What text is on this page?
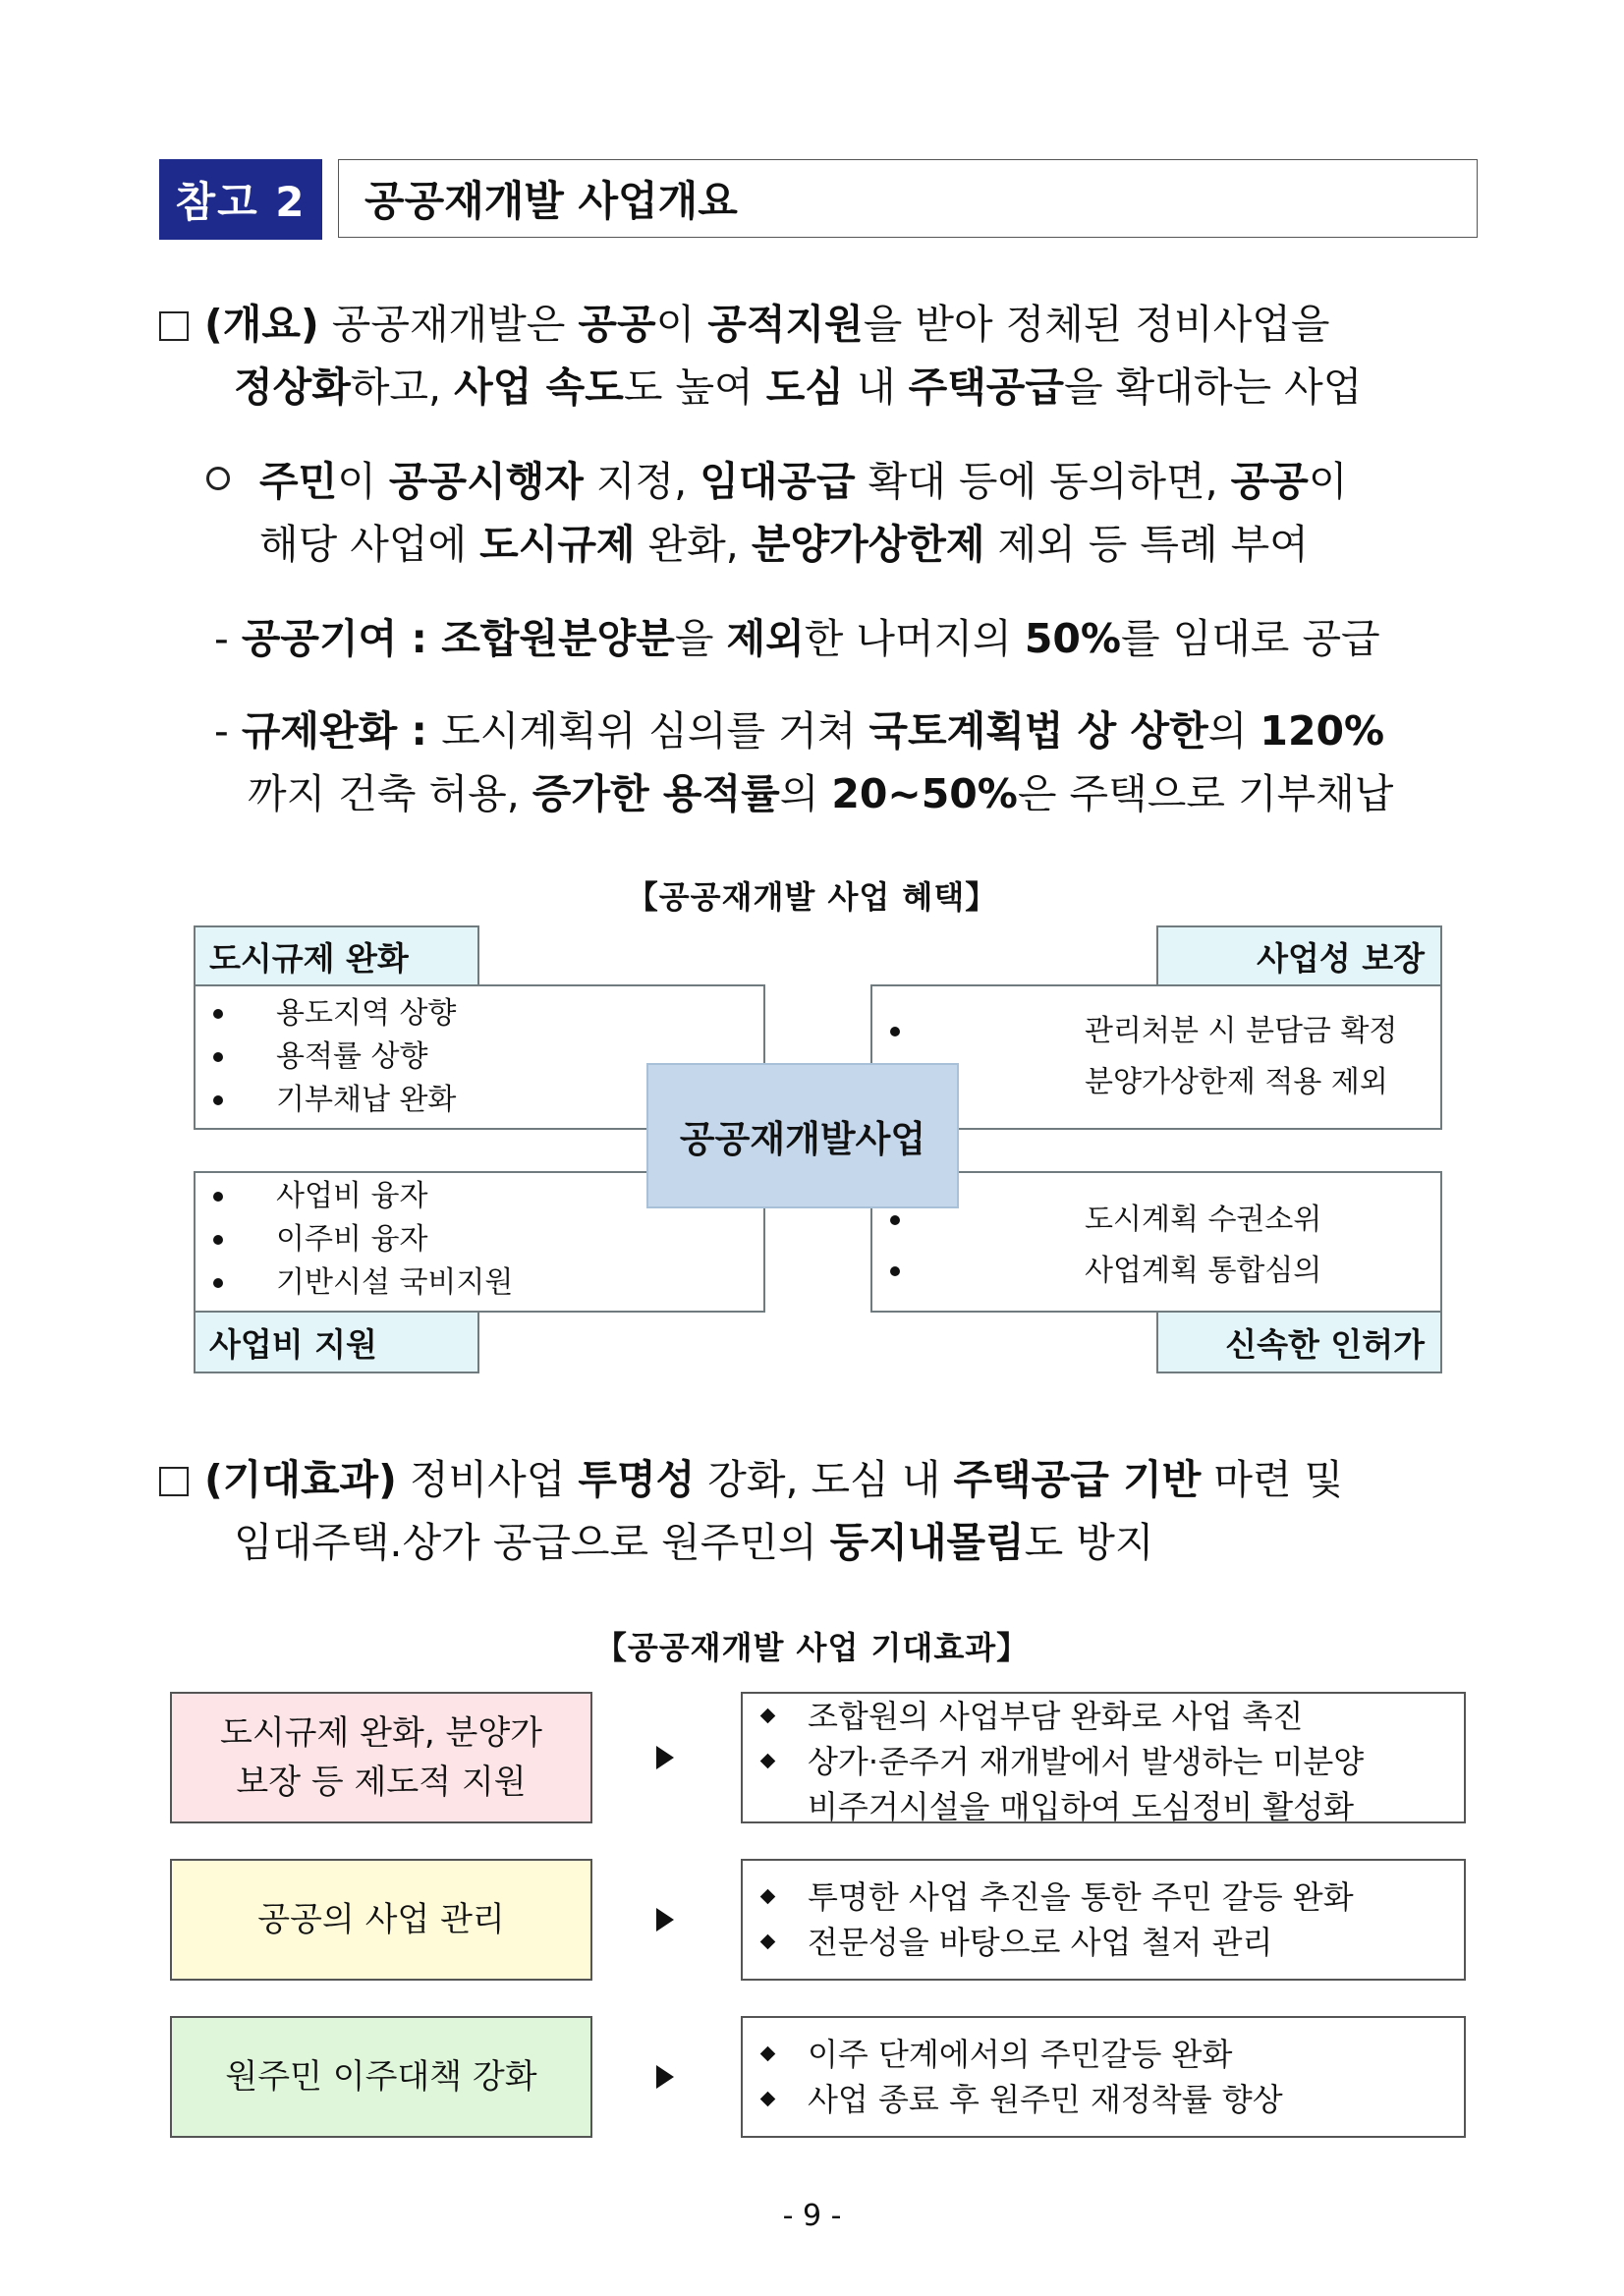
참고 2	공공재개발 사업개요
(개요) 공공재개발은 공공이 공적지원을 받아 정체된 정비사업을
정상화하고, 사업 속도도 높여 도심 내 주택공급을 확대하는 사업
주민이 공공시행자 지정, 임대공급 확대 등에 동의하면, 공공이
해당 사업에 도시규제 완화, 분양가상한제 제외 등 특례 부여
- 공공기여 : 조합원분양분을 제외한 나머지의 50%를 임대로 공급
- 규제완화 : 도시계획위 심의를 거쳐 국토계획법 상 상한의 120%
까지 건축 허용, 증가한 용적률의 20~50%은 주택으로 기부채납
【공공재개발 사업 혜택】
용도지역 상향
용적률 상향
기부채납 완화
도시규제 완화
관리처분 시 분담금 확정
분양가상한제 적용 제외
사업성 보장
사업비 융자
이주비 융자
기반시설 국비지원
사업비 지원
도시계획 수권소위
사업계획 통합심의
신속한 인허가
공공재개발사업
(기대효과) 정비사업 투명성 강화, 도심 내 주택공급 기반 마련 및
임대주택.상가 공급으로 원주민의 둥지내몰림도 방지
【공공재개발 사업 기대효과】
도시규제 완화, 분양가
보장 등 제도적 지원
조합원의 사업부담 완화로 사업 촉진
상가·준주거 재개발에서 발생하는 미분양
비주거시설을 매입하여 도심정비 활성화
공공의 사업 관리
투명한 사업 추진을 통한 주민 갈등 완화
전문성을 바탕으로 사업 철저 관리
원주민 이주대책 강화
이주 단계에서의 주민갈등 완화
사업 종료 후 원주민 재정착률 향상
- 9 -
